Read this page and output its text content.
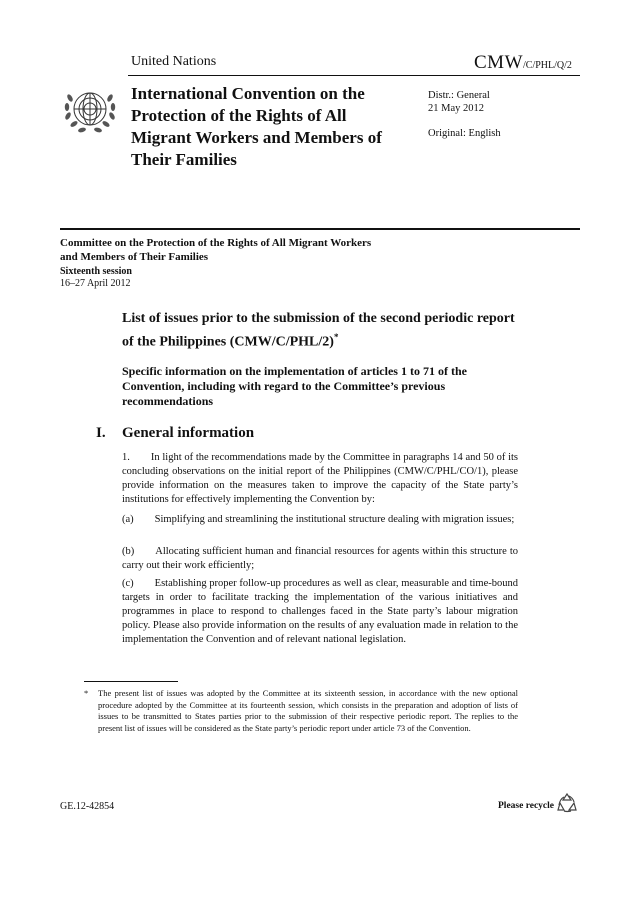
United Nations	CMW/C/PHL/Q/2
International Convention on the Protection of the Rights of All Migrant Workers and Members of Their Families
Distr.: General
21 May 2012
Original: English
Committee on the Protection of the Rights of All Migrant Workers and Members of Their Families
Sixteenth session
16–27 April 2012
List of issues prior to the submission of the second periodic report of the Philippines (CMW/C/PHL/2)*
Specific information on the implementation of articles 1 to 71 of the Convention, including with regard to the Committee’s previous recommendations
I. General information
1.  In light of the recommendations made by the Committee in paragraphs 14 and 50 of its concluding observations on the initial report of the Philippines (CMW/C/PHL/CO/1), please provide information on the measures taken to improve the capacity of the State party’s institutions for effectively implementing the Convention by:
(a)  Simplifying and streamlining the institutional structure dealing with migration issues;
(b)  Allocating sufficient human and financial resources for agents within this structure to carry out their work efficiently;
(c)  Establishing proper follow-up procedures as well as clear, measurable and time-bound targets in order to facilitate tracking the implementation of the various initiatives and programmes in place to respond to challenges faced in the State party’s labour migration policy. Please also provide information on the results of any evaluation made in relation to the implementation the Convention and of relevant national legislation.
*	The present list of issues was adopted by the Committee at its sixteenth session, in accordance with the new optional procedure adopted by the Committee at its fourteenth session, which consists in the preparation and adoption of lists of issues to be transmitted to States parties prior to the submission of their respective periodic report. The replies to the present list of issues will be considered as the State party’s periodic report under article 73 of the Convention.
GE.12-42854	Please recycle
